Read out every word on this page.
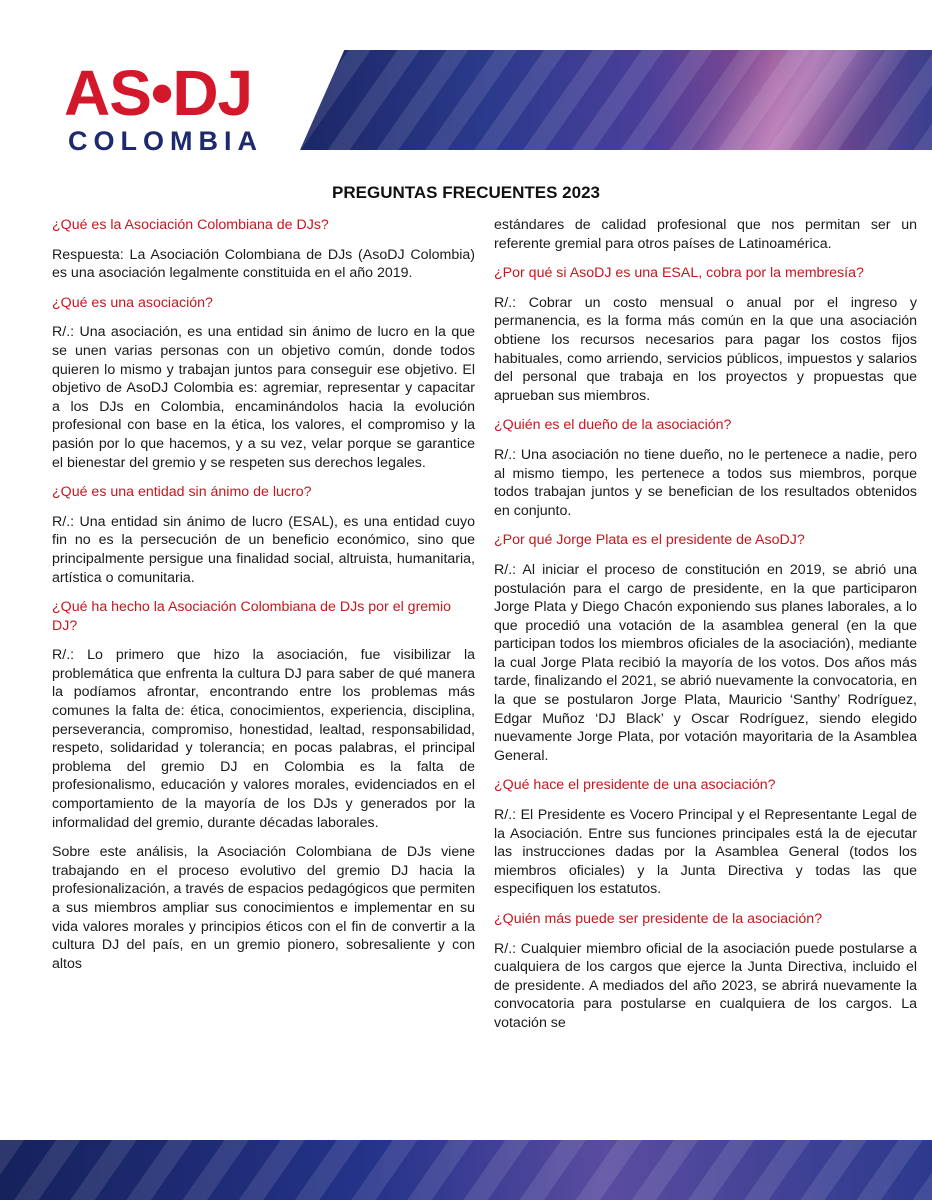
AS•DJ
COLOMBIA
PREGUNTAS FRECUENTES 2023

¿Qué es la Asociación Colombiana de DJs?

Respuesta: La Asociación Colombiana de DJs (AsoDJ Colombia) es una asociación legalmente constituida en el año 2019.

¿Qué es una asociación?

R/.: Una asociación, es una entidad sin ánimo de lucro en la que se unen varias personas con un objetivo común, donde todos quieren lo mismo y trabajan juntos para conseguir ese objetivo. El objetivo de AsoDJ Colombia es: agremiar, representar y capacitar a los DJs en Colombia, encaminándolos hacia la evolución profesional con base en la ética, los valores, el compromiso y la pasión por lo que hacemos, y a su vez, velar porque se garantice el bienestar del gremio y se respeten sus derechos legales.

¿Qué es una entidad sin ánimo de lucro?

R/.: Una entidad sin ánimo de lucro (ESAL), es una entidad cuyo fin no es la persecución de un beneficio económico, sino que principalmente persigue una finalidad social, altruista, humanitaria, artística o comunitaria.

¿Qué ha hecho la Asociación Colombiana de DJs por el gremio DJ?

R/.: Lo primero que hizo la asociación, fue visibilizar la problemática que enfrenta la cultura DJ para saber de qué manera la podíamos afrontar, encontrando entre los problemas más comunes la falta de: ética, conocimientos, experiencia, disciplina, perseverancia, compromiso, honestidad, lealtad, responsabilidad, respeto, solidaridad y tolerancia; en pocas palabras, el principal problema del gremio DJ en Colombia es la falta de profesionalismo, educación y valores morales, evidenciados en el comportamiento de la mayoría de los DJs y generados por la informalidad del gremio, durante décadas laborales.

Sobre este análisis, la Asociación Colombiana de DJs viene trabajando en el proceso evolutivo del gremio DJ hacia la profesionalización, a través de espacios pedagógicos que permiten a sus miembros ampliar sus conocimientos e implementar en su vida valores morales y principios éticos con el fin de convertir a la cultura DJ del país, en un gremio pionero, sobresaliente y con altos

estándares de calidad profesional que nos permitan ser un referente gremial para otros países de Latinoamérica.

¿Por qué si AsoDJ es una ESAL, cobra por la membresía?

R/.: Cobrar un costo mensual o anual por el ingreso y permanencia, es la forma más común en la que una asociación obtiene los recursos necesarios para pagar los costos fijos habituales, como arriendo, servicios públicos, impuestos y salarios del personal que trabaja en los proyectos y propuestas que aprueban sus miembros.

¿Quién es el dueño de la asociación?

R/.: Una asociación no tiene dueño, no le pertenece a nadie, pero al mismo tiempo, les pertenece a todos sus miembros, porque todos trabajan juntos y se benefician de los resultados obtenidos en conjunto.

¿Por qué Jorge Plata es el presidente de AsoDJ?

R/.: Al iniciar el proceso de constitución en 2019, se abrió una postulación para el cargo de presidente, en la que participaron Jorge Plata y Diego Chacón exponiendo sus planes laborales, a lo que procedió una votación de la asamblea general (en la que participan todos los miembros oficiales de la asociación), mediante la cual Jorge Plata recibió la mayoría de los votos. Dos años más tarde, finalizando el 2021, se abrió nuevamente la convocatoria, en la que se postularon Jorge Plata, Mauricio ‘Santhy’ Rodríguez, Edgar Muñoz ‘DJ Black’ y Oscar Rodríguez, siendo elegido nuevamente Jorge Plata, por votación mayoritaria de la Asamblea General.

¿Qué hace el presidente de una asociación?

R/.: El Presidente es Vocero Principal y el Representante Legal de la Asociación. Entre sus funciones principales está la de ejecutar las instrucciones dadas por la Asamblea General (todos los miembros oficiales) y la Junta Directiva y todas las que especifiquen los estatutos.

¿Quién más puede ser presidente de la asociación?

R/.: Cualquier miembro oficial de la asociación puede postularse a cualquiera de los cargos que ejerce la Junta Directiva, incluido el de presidente. A mediados del año 2023, se abrirá nuevamente la convocatoria para postularse en cualquiera de los cargos. La votación se
